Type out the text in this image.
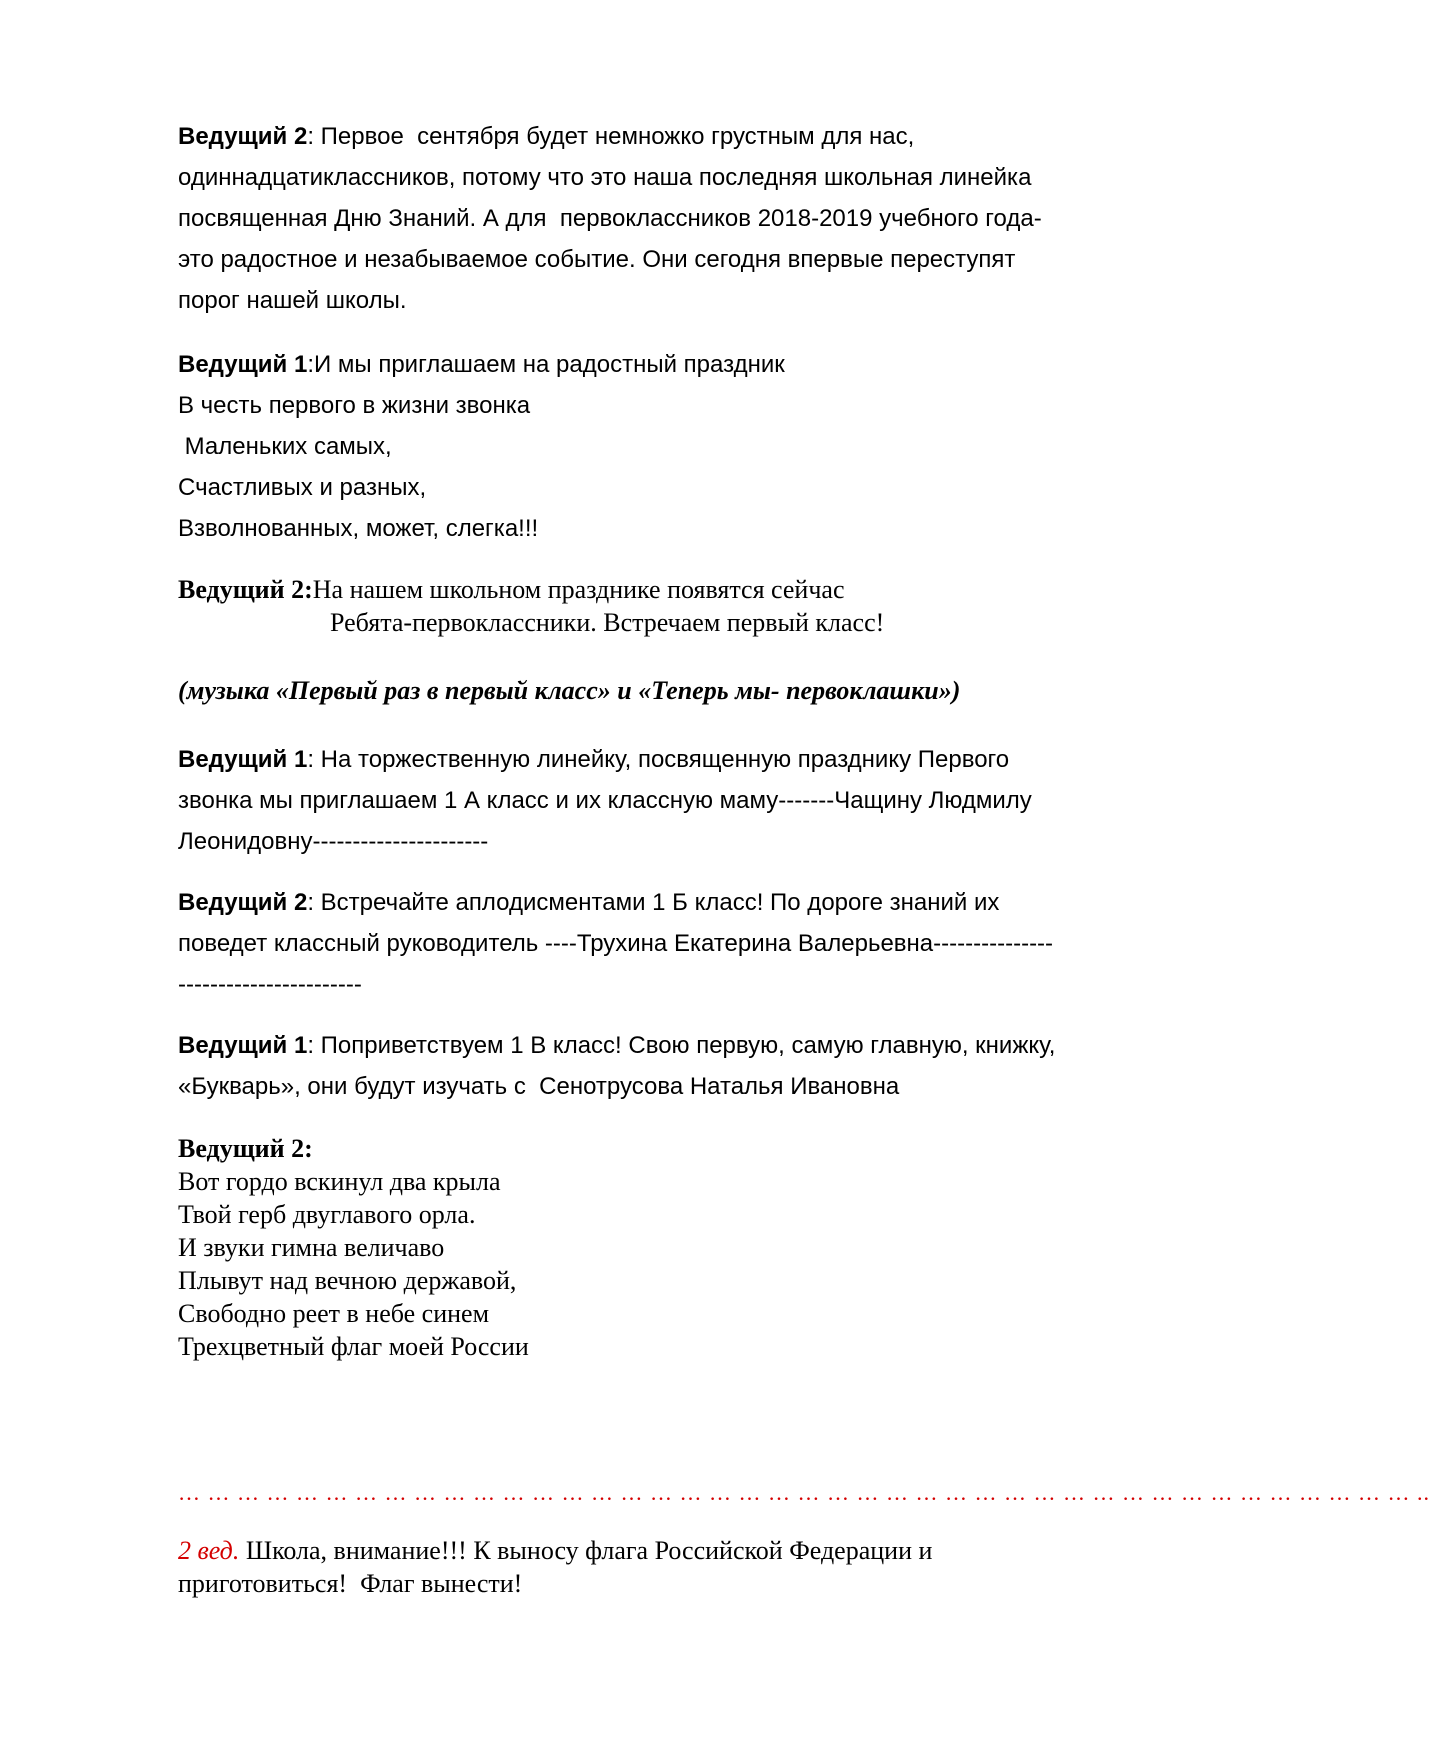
Ведущий 2: Первое  сентября будет немножко грустным для нас,
одиннадцатиклассников, потому что это наша последняя школьная линейка
посвященная Дню Знаний. А для  первоклассников 2018-2019 учебного года-
это радостное и незабываемое событие. Они сегодня впервые переступят
порог нашей школы.
Ведущий 1:И мы приглашаем на радостный праздник
В честь первого в жизни звонка
Маленьких самых,
Счастливых и разных,
Взволнованных, может, слегка!!!
Ведущий 2:На нашем школьном празднике появятся сейчас
Ребята-первоклассники. Встречаем первый класс!
(музыка «Первый раз в первый класс» и «Теперь мы- первоклашки»)
Ведущий 1: На торжественную линейку, посвященную празднику Первого
звонка мы приглашаем 1 А класс и их классную маму-------Чащину Людмилу
Леонидовну----------------------
Ведущий 2: Встречайте аплодисментами 1 Б класс! По дороге знаний их
поведет классный руководитель ----Трухина Екатерина Валерьевна---------------
-----------------------
Ведущий 1: Поприветствуем 1 В класс! Свою первую, самую главную, книжку,
«Букварь», они будут изучать с  Сенотрусова Наталья Ивановна
Ведущий 2:
Вот гордо вскинул два крыла
Твой герб двуглавого орла.
И звуки гимна величаво
Плывут над вечною державой,
Свободно реет в небе синем
Трехцветный флаг моей России
… … … … … … … … … … … … … … … … … … … … … … … … … … … … … … … … … … … … … … … … … … ..
2 вед. Школа, внимание!!! К выносу флага Российской Федерации и
приготовиться!  Флаг вынести!
